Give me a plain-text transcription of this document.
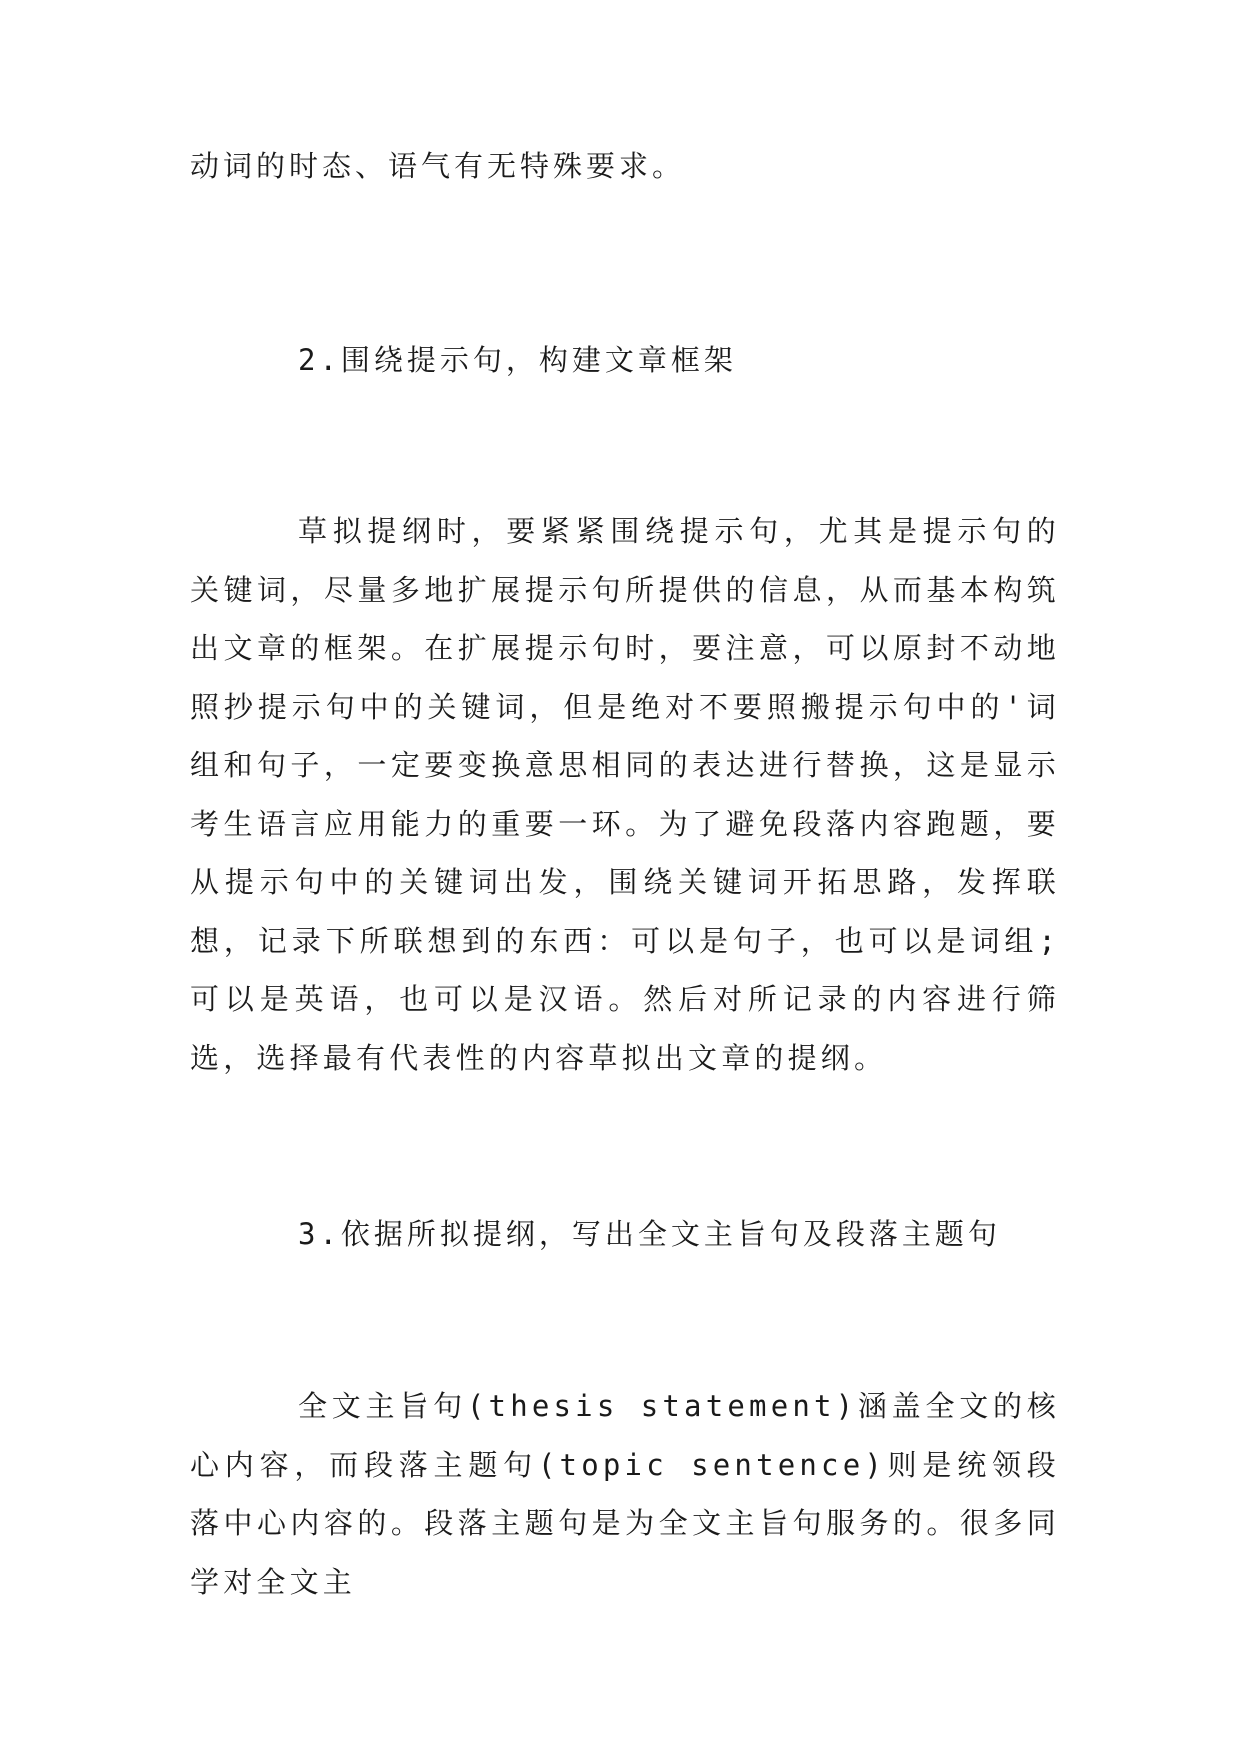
动词的时态、语气有无特殊要求。
2.围绕提示句，构建文章框架
草拟提纲时，要紧紧围绕提示句，尤其是提示句的关键词，尽量多地扩展提示句所提供的信息，从而基本构筑出文章的框架。在扩展提示句时，要注意，可以原封不动地照抄提示句中的关键词，但是绝对不要照搬提示句中的'词组和句子，一定要变换意思相同的表达进行替换，这是显示考生语言应用能力的重要一环。为了避免段落内容跑题，要从提示句中的关键词出发，围绕关键词开拓思路，发挥联想，记录下所联想到的东西：可以是句子，也可以是词组;可以是英语，也可以是汉语。然后对所记录的内容进行筛选，选择最有代表性的内容草拟出文章的提纲。
3.依据所拟提纲，写出全文主旨句及段落主题句
全文主旨句(thesis statement)涵盖全文的核心内容，而段落主题句(topic sentence)则是统领段落中心内容的。段落主题句是为全文主旨句服务的。很多同学对全文主
